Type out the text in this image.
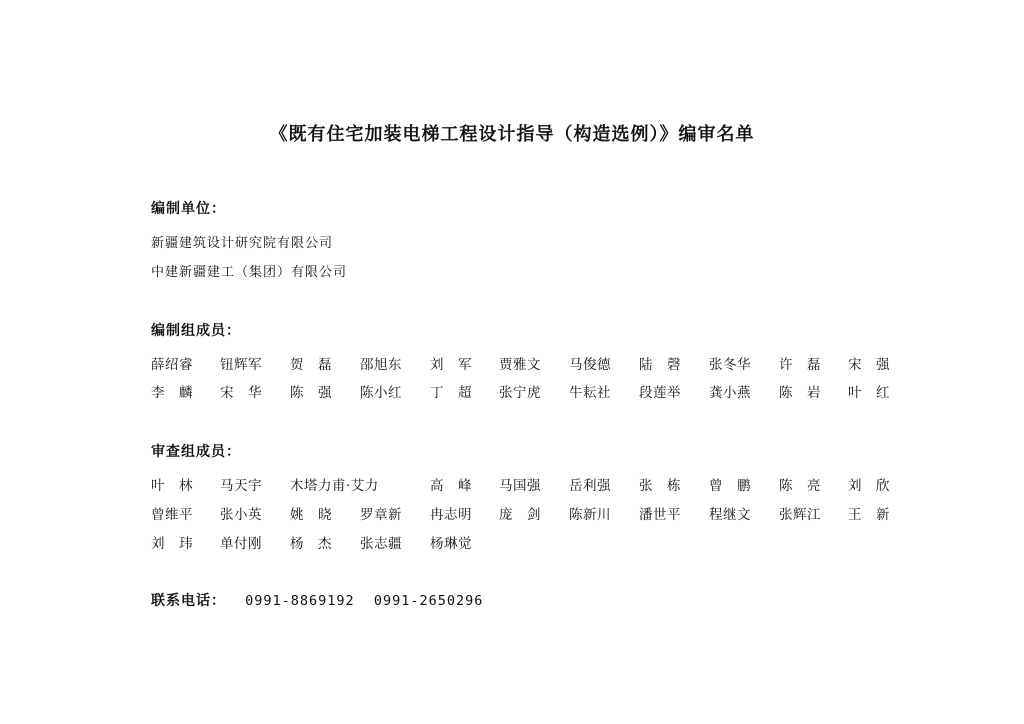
《既有住宅加装电梯工程设计指导（构造选例）》编审名单
编制单位：
新疆建筑设计研究院有限公司
中建新疆建工（集团）有限公司
编制组成员：
薛绍睿 钮辉军 贺　磊 邵旭东 刘　军 贾雅文 马俊德 陆　磬 张冬华 许　磊 宋　强
李　麟 宋　华 陈　强 陈小红 丁　超 张宁虎 牛耘社 段莲举 龚小燕 陈　岩 叶　红
审查组成员：
叶　林 马天宇 木塔力甫·艾力	高　峰 马国强 岳利强 张　栋 曾　鹏 陈　亮 刘　欣
曾维平 张小英 姚　晓 罗章新 冉志明 庞　剑 陈新川 潘世平 程继文 张辉江 王　新
刘　玮 单付刚 杨　杰 张志疆 杨琳觉
联系电话： 0991-8869192 0991-2650296
